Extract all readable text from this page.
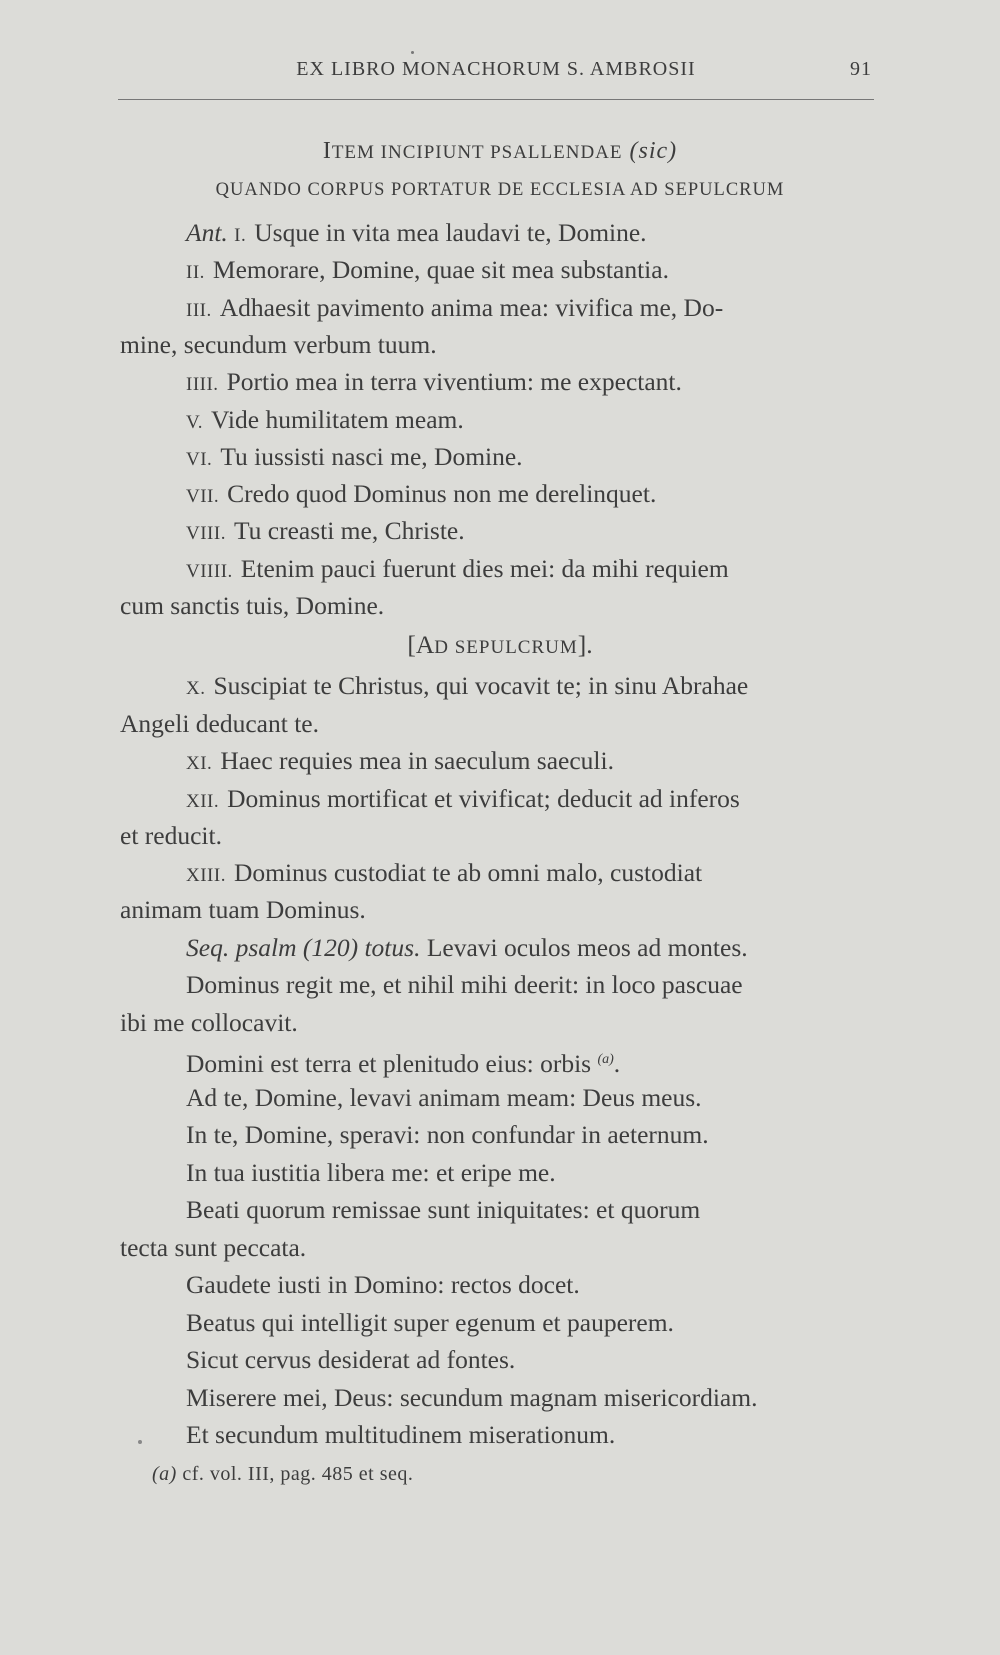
EX LIBRO MONACHORUM S. AMBROSII	91
ITEM INCIPIUNT PSALLENDAE (sic)
QUANDO CORPUS PORTATUR DE ECCLESIA AD SEPULCRUM
Ant. I. Usque in vita mea laudavi te, Domine.
II. Memorare, Domine, quae sit mea substantia.
III. Adhaesit pavimento anima mea: vivifica me, Do-
mine, secundum verbum tuum.
IIII. Portio mea in terra viventium: me expectant.
V. Vide humilitatem meam.
VI. Tu iussisti nasci me, Domine.
VII. Credo quod Dominus non me derelinquet.
VIII. Tu creasti me, Christe.
VIIII. Etenim pauci fuerunt dies mei: da mihi requiem
cum sanctis tuis, Domine.
[AD SEPULCRUM].
X. Suscipiat te Christus, qui vocavit te; in sinu Abrahae
Angeli deducant te.
XI. Haec requies mea in saeculum saeculi.
XII. Dominus mortificat et vivificat; deducit ad inferos
et reducit.
XIII. Dominus custodiat te ab omni malo, custodiat
animam tuam Dominus.
Seq. psalm (120) totus. Levavi oculos meos ad montes.
Dominus regit me, et nihil mihi deerit: in loco pascuae
ibi me collocavit.
Domini est terra et plenitudo eius: orbis $^{(a)}$.
Ad te, Domine, levavi animam meam: Deus meus.
In te, Domine, speravi: non confundar in aeternum.
In tua iustitia libera me: et eripe me.
Beati quorum remissae sunt iniquitates: et quorum
tecta sunt peccata.
Gaudete iusti in Domino: rectos docet.
Beatus qui intelligit super egenum et pauperem.
Sicut cervus desiderat ad fontes.
Miserere mei, Deus: secundum magnam misericordiam.
Et secundum multitudinem miserationum.
(a) cf. vol. III, pag. 485 et seq.
